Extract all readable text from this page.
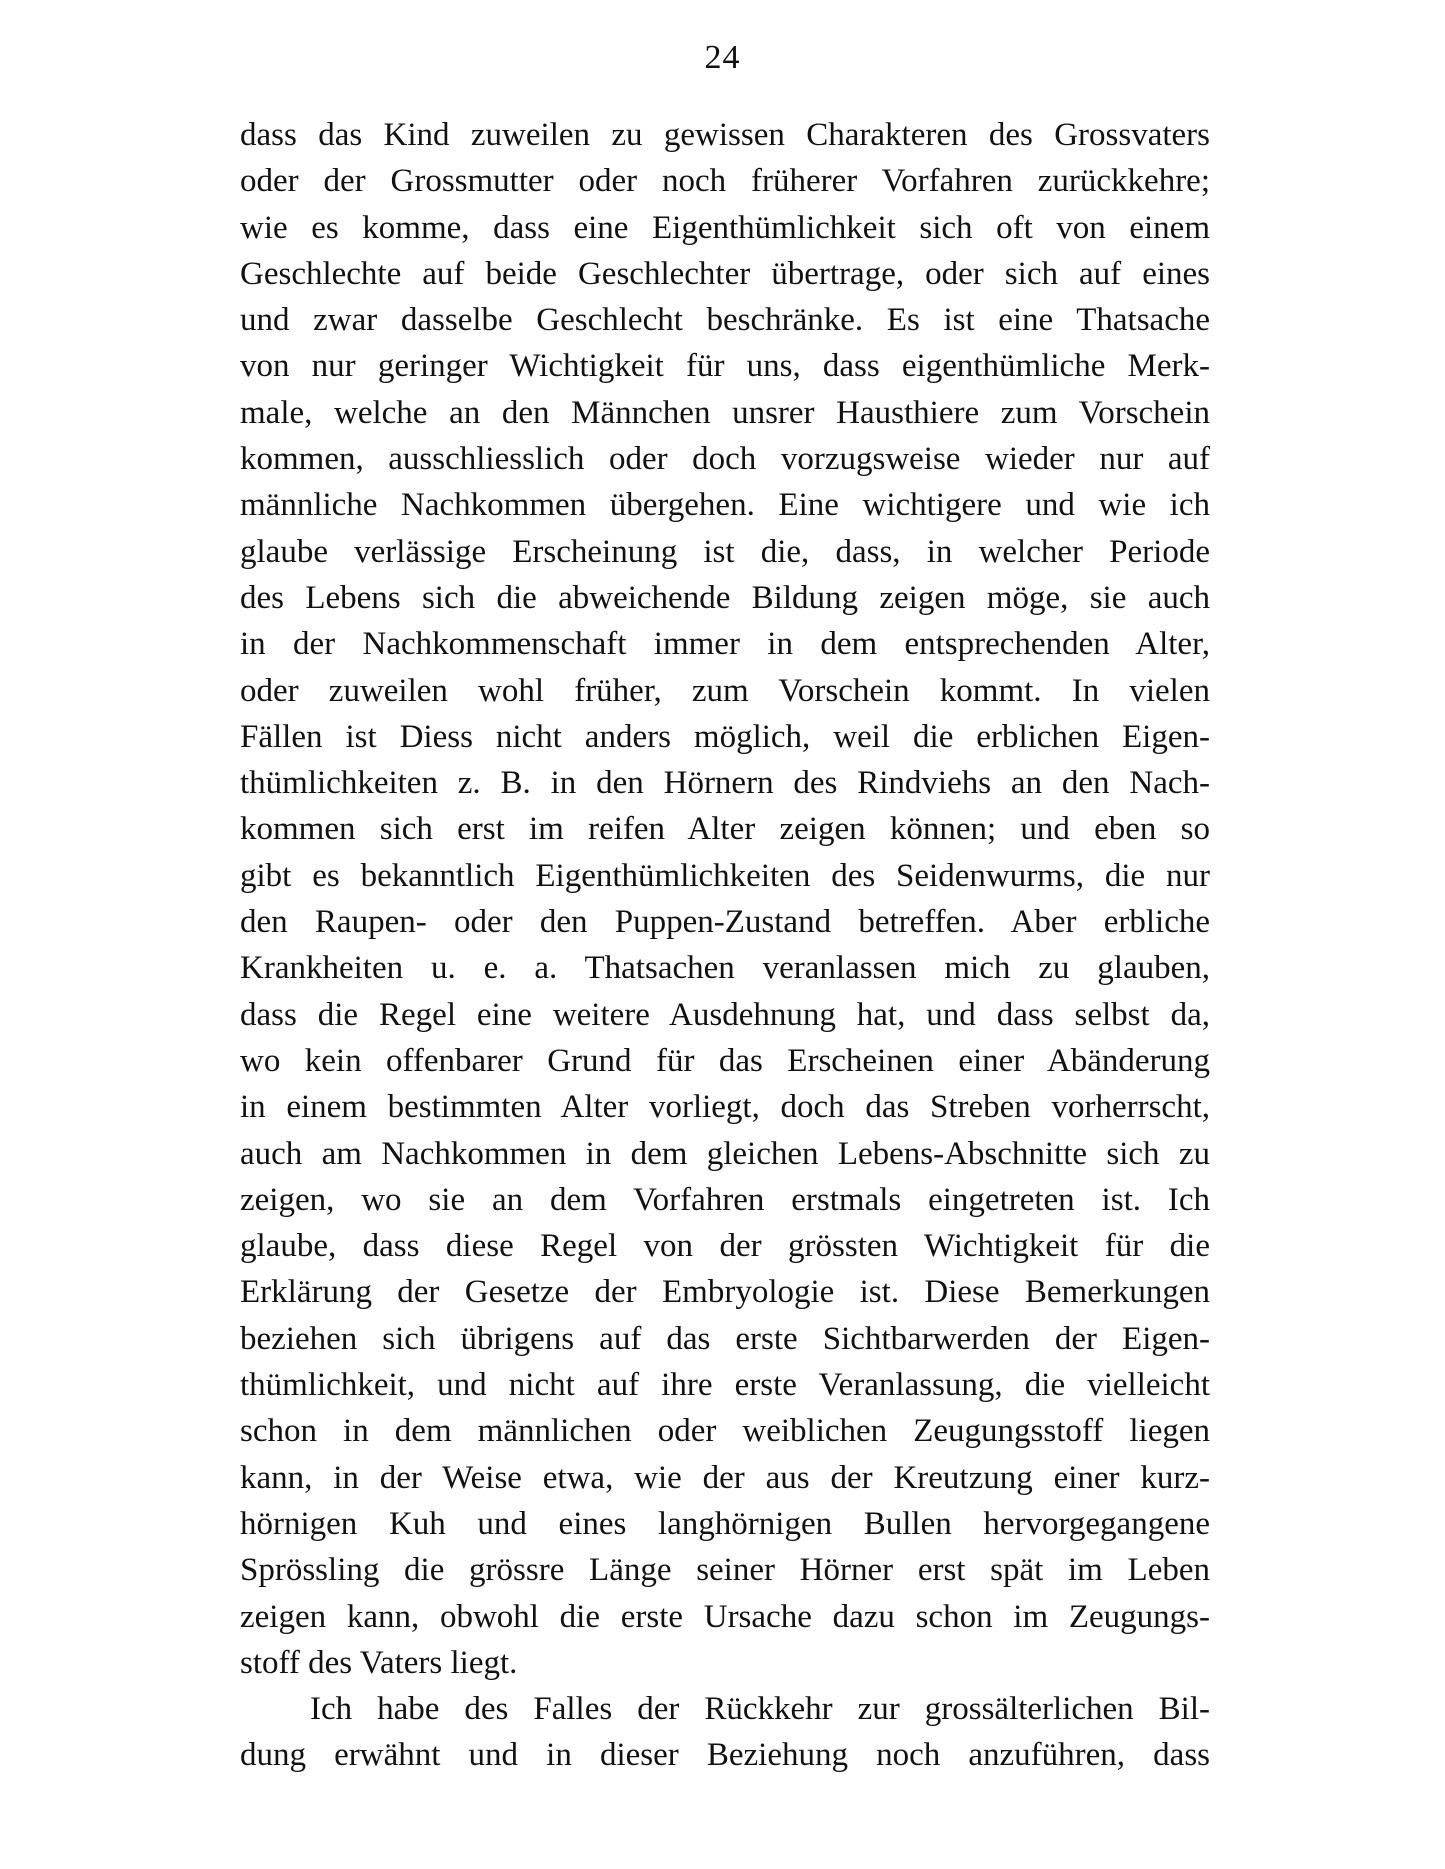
24
dass das Kind zuweilen zu gewissen Charakteren des Grossvaters
oder der Grossmutter oder noch früherer Vorfahren zurückkehre;
wie es komme, dass eine Eigenthümlichkeit sich oft von einem
Geschlechte auf beide Geschlechter übertrage, oder sich auf eines
und zwar dasselbe Geschlecht beschränke. Es ist eine Thatsache
von nur geringer Wichtigkeit für uns, dass eigenthümliche Merk-
male, welche an den Männchen unsrer Hausthiere zum Vorschein
kommen, ausschliesslich oder doch vorzugsweise wieder nur auf
männliche Nachkommen übergehen. Eine wichtigere und wie ich
glaube verlässige Erscheinung ist die, dass, in welcher Periode
des Lebens sich die abweichende Bildung zeigen möge, sie auch
in der Nachkommenschaft immer in dem entsprechenden Alter,
oder zuweilen wohl früher, zum Vorschein kommt. In vielen
Fällen ist Diess nicht anders möglich, weil die erblichen Eigen-
thümlichkeiten z. B. in den Hörnern des Rindviehs an den Nach-
kommen sich erst im reifen Alter zeigen können; und eben so
gibt es bekanntlich Eigenthümlichkeiten des Seidenwurms, die nur
den Raupen- oder den Puppen-Zustand betreffen. Aber erbliche
Krankheiten u. e. a. Thatsachen veranlassen mich zu glauben,
dass die Regel eine weitere Ausdehnung hat, und dass selbst da,
wo kein offenbarer Grund für das Erscheinen einer Abänderung
in einem bestimmten Alter vorliegt, doch das Streben vorherrscht,
auch am Nachkommen in dem gleichen Lebens-Abschnitte sich zu
zeigen, wo sie an dem Vorfahren erstmals eingetreten ist. Ich
glaube, dass diese Regel von der grössten Wichtigkeit für die
Erklärung der Gesetze der Embryologie ist. Diese Bemerkungen
beziehen sich übrigens auf das erste Sichtbarwerden der Eigen-
thümlichkeit, und nicht auf ihre erste Veranlassung, die vielleicht
schon in dem männlichen oder weiblichen Zeugungsstoff liegen
kann, in der Weise etwa, wie der aus der Kreutzung einer kurz-
hörnigen Kuh und eines langhörnigen Bullen hervorgegangene
Sprössling die grössre Länge seiner Hörner erst spät im Leben
zeigen kann, obwohl die erste Ursache dazu schon im Zeugungs-
stoff des Vaters liegt.
Ich habe des Falles der Rückkehr zur grossälterlichen Bil-
dung erwähnt und in dieser Beziehung noch anzuführen, dass
